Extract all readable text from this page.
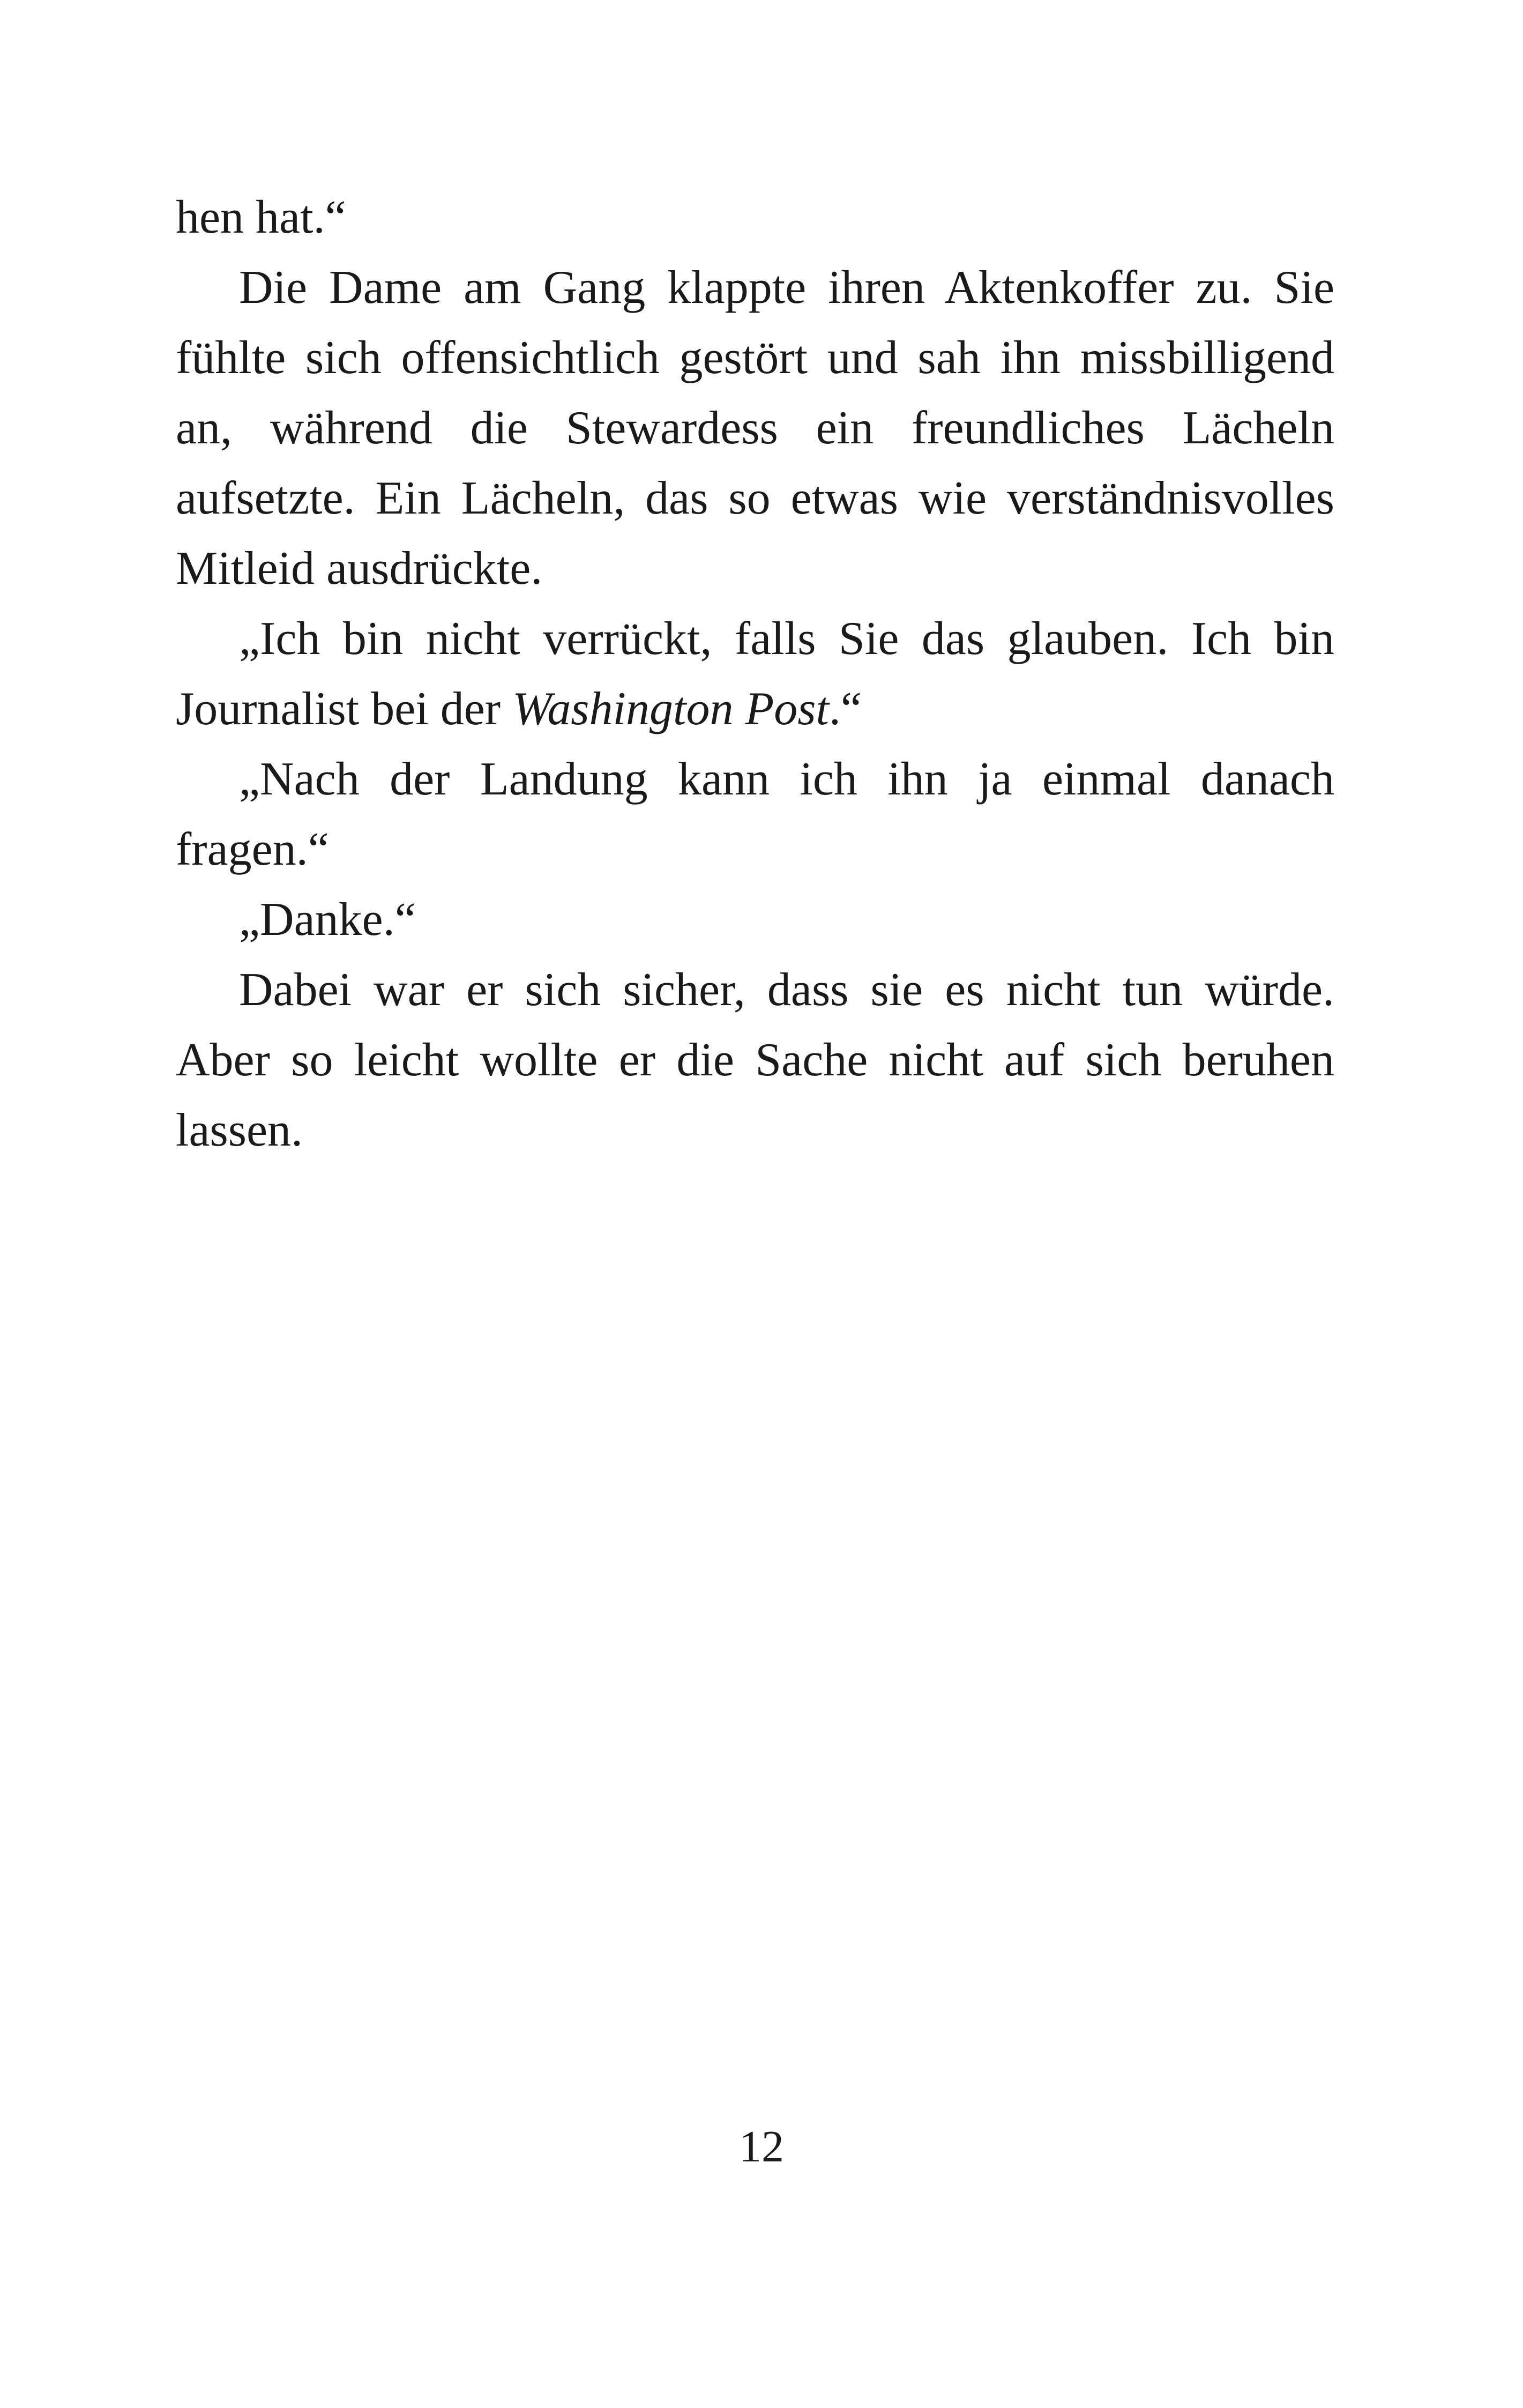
hen hat.“

Die Dame am Gang klappte ihren Aktenkoffer zu. Sie fühlte sich offensichtlich gestört und sah ihn missbilligend an, während die Stewardess ein freundliches Lächeln aufsetzte. Ein Lächeln, das so etwas wie verständnisvolles Mitleid ausdrückte.

„Ich bin nicht verrückt, falls Sie das glauben. Ich bin Journalist bei der Washington Post.“

„Nach der Landung kann ich ihn ja einmal danach fragen.“

„Danke.“

Dabei war er sich sicher, dass sie es nicht tun würde. Aber so leicht wollte er die Sache nicht auf sich beruhen lassen.

12
